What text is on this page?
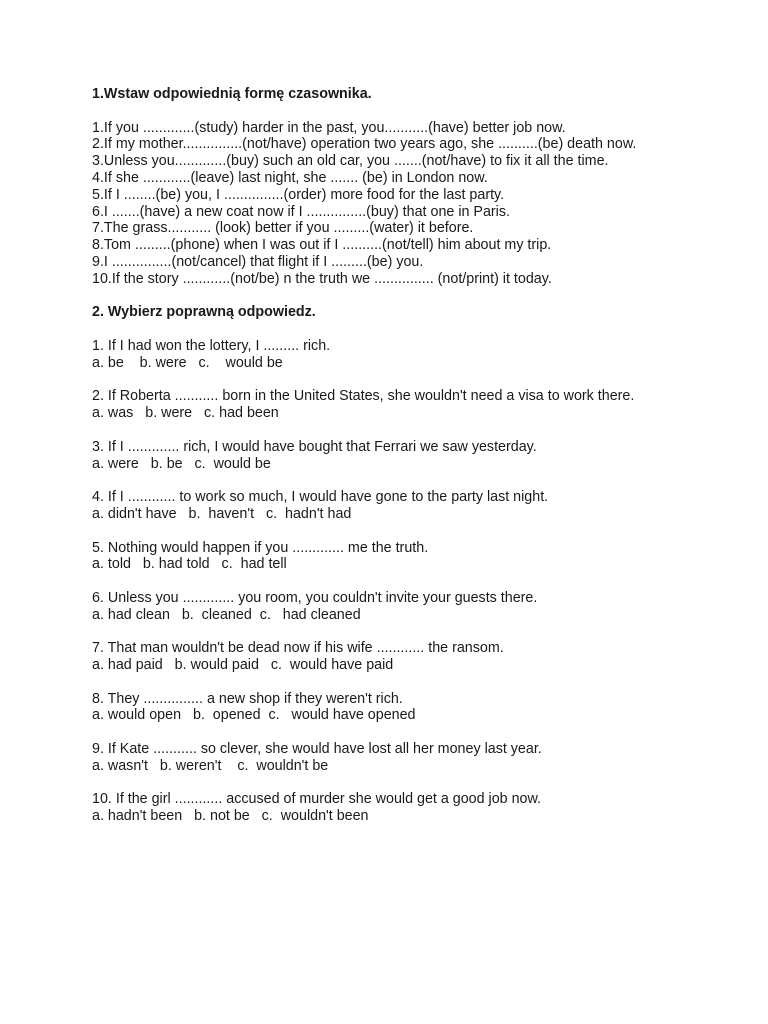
1.Wstaw odpowiednią formę czasownika.

1.If you .............(study) harder in the past, you...........(have) better job now.
2.If my mother...............(not/have) operation two years ago, she ..........(be) death now.
3.Unless you.............(buy) such an old car, you .......(not/have) to fix it all the time.
4.If she ............(leave) last night, she ....... (be) in London now.
5.If I ........(be) you, I ...............(order) more food for the last party.
6.I .......(have) a new coat now if I ...............(buy) that one in Paris.
7.The grass........... (look) better if you .........(water) it before.
8.Tom .........(phone) when I was out if I ..........(not/tell) him about my trip.
9.I ...............(not/cancel) that flight if I .........(be) you.
10.If the story ............(not/be) n the truth we ............... (not/print) it today.

2. Wybierz poprawną odpowiedz.

1. If I had won the lottery, I ......... rich.

a. be    b. were   c.    would be

2. If Roberta ........... born in the United States, she wouldn't need a visa to work there.

a. was   b. were   c. had been

3. If I ............. rich, I would have bought that Ferrari we saw yesterday.

a. were   b. be   c.  would be

4. If I ............ to work so much, I would have gone to the party last night.

a. didn't have   b.  haven't   c.  hadn't had

5. Nothing would happen if you ............. me the truth.

a. told   b. had told   c.  had tell

6. Unless you ............. you room, you couldn't invite your guests there.

a. had clean   b.  cleaned  c.   had cleaned

7. That man wouldn't be dead now if his wife ............ the ransom.

a. had paid   b. would paid   c.  would have paid

8. They ............... a new shop if they weren't rich.

a. would open   b.  opened  c.   would have opened

9. If Kate ........... so clever, she would have lost all her money last year.

a. wasn't   b. weren't    c.  wouldn't be

10. If the girl ............ accused of murder she would get a good job now.

a. hadn't been   b. not be   c.  wouldn't been
